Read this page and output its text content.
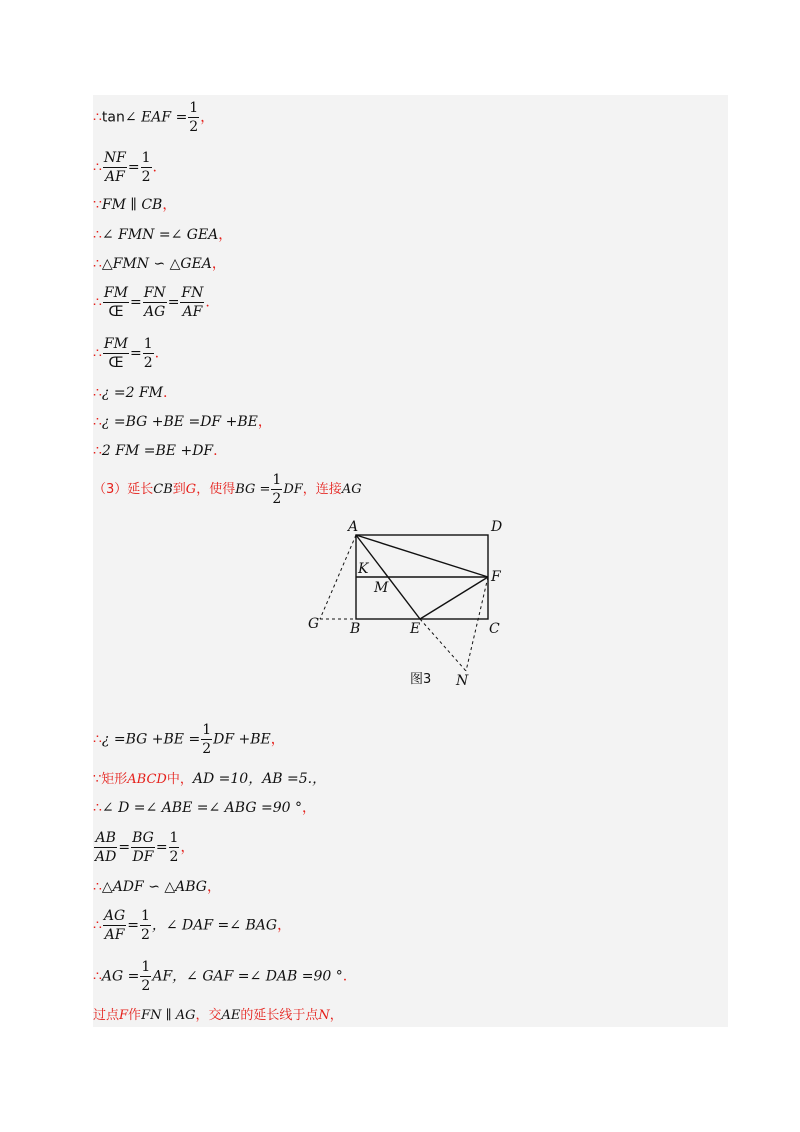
∴tan∠ EAF = $\frac{1}{2}$ ，
∴ $\frac{NF}{AF} = \frac{1}{2}$ .
∵FM ∥ CB，
∴∠ FMN =∠ GEA，
∴△FMN ∽ △GEA，
∴ $\frac{FM}{Œ} = \frac{FN}{AG} = \frac{FN}{AF}$ .
∴ $\frac{FM}{Œ} = \frac{1}{2}$ .
∴¿ =2 FM.
∴¿ =BG +BE =DF +BE，
∴2 FM =BE +DF.
（3）延长CB到G，使得BG = $\frac{1}{2}$ DF，连接AG
A	D
K
M
F
G B	E	C
N
图3
∴¿ $=BG +BE = \frac{1}{2}$ DF +BE，
∵矩形ABCD中，AD =10，AB =5.，
∴∠ D =∠ ABE =∠ ABG =90 °，
$\frac{AB}{AD} = \frac{BG}{DF} = \frac{1}{2}$ ，
∴△ADF ∽ △ABG，
∴ $\frac{AG}{AF} = \frac{1}{2}$ ，∠ DAF =∠ BAG，
∴AG = $\frac{1}{2}$ AF，∠ GAF =∠ DAB =90 °.
过点F作FN ∥ AG，交AE的延长线于点N，
